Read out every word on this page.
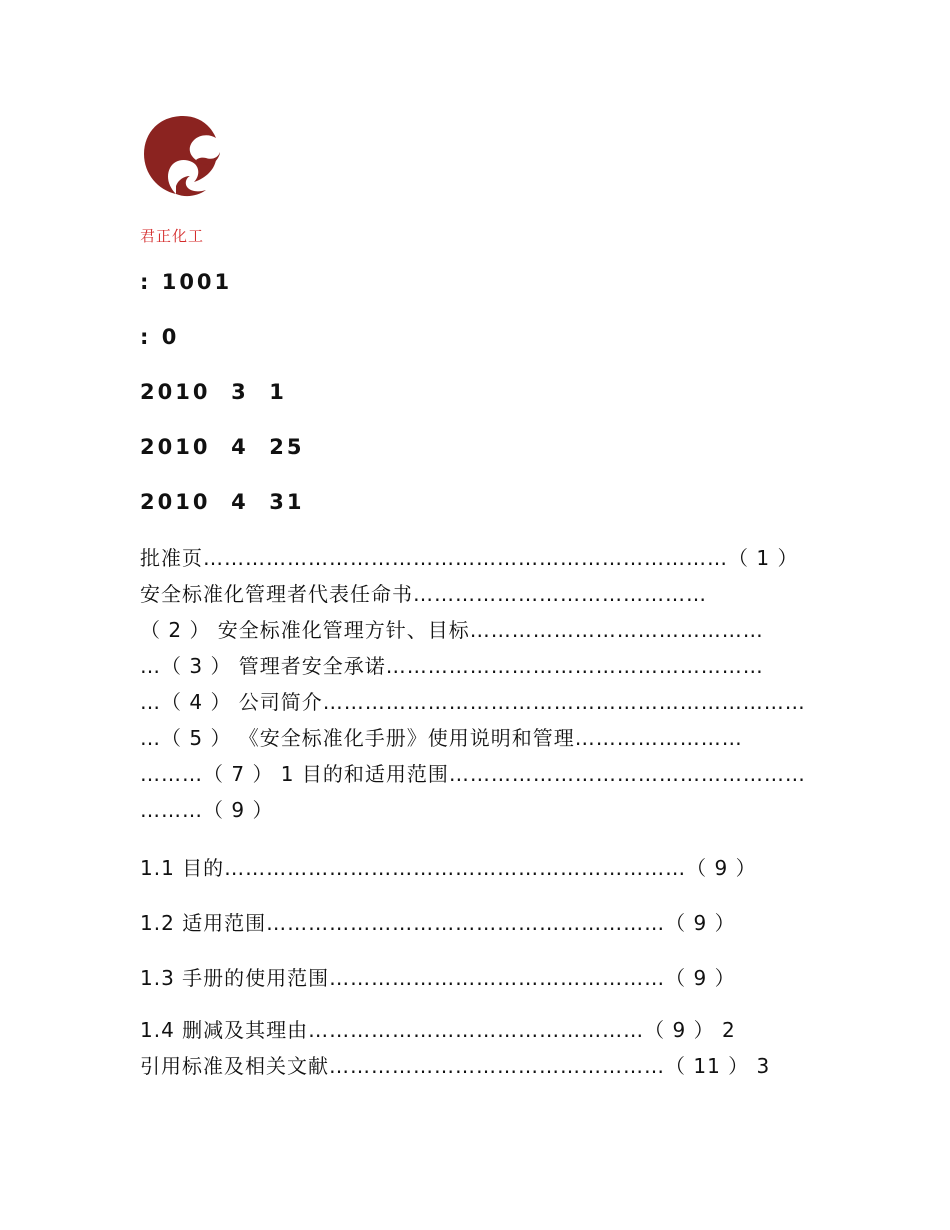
君正化工
: 1001
: 0
2010  3  1
2010  4  25
2010  4  31
批准页…………………………………………………………………（ 1 ）
安全标准化管理者代表任命书……………………………………
（ 2 ） 安全标准化管理方针、目标……………………………………
…（ 3 ） 管理者安全承诺………………………………………………
…（ 4 ） 公司简介……………………………………………………………
…（ 5 ） 《安全标准化手册》使用说明和管理……………………
………（ 7 ） 1 目的和适用范围……………………………………………
………（ 9 ）
1.1 目的…………………………………………………………（ 9 ）
1.2 适用范围…………………………………………………（ 9 ）
1.3 手册的使用范围…………………………………………（ 9 ）
1.4 删减及其理由…………………………………………（ 9 ） 2
引用标准及相关文献…………………………………………（ 11 ） 3
